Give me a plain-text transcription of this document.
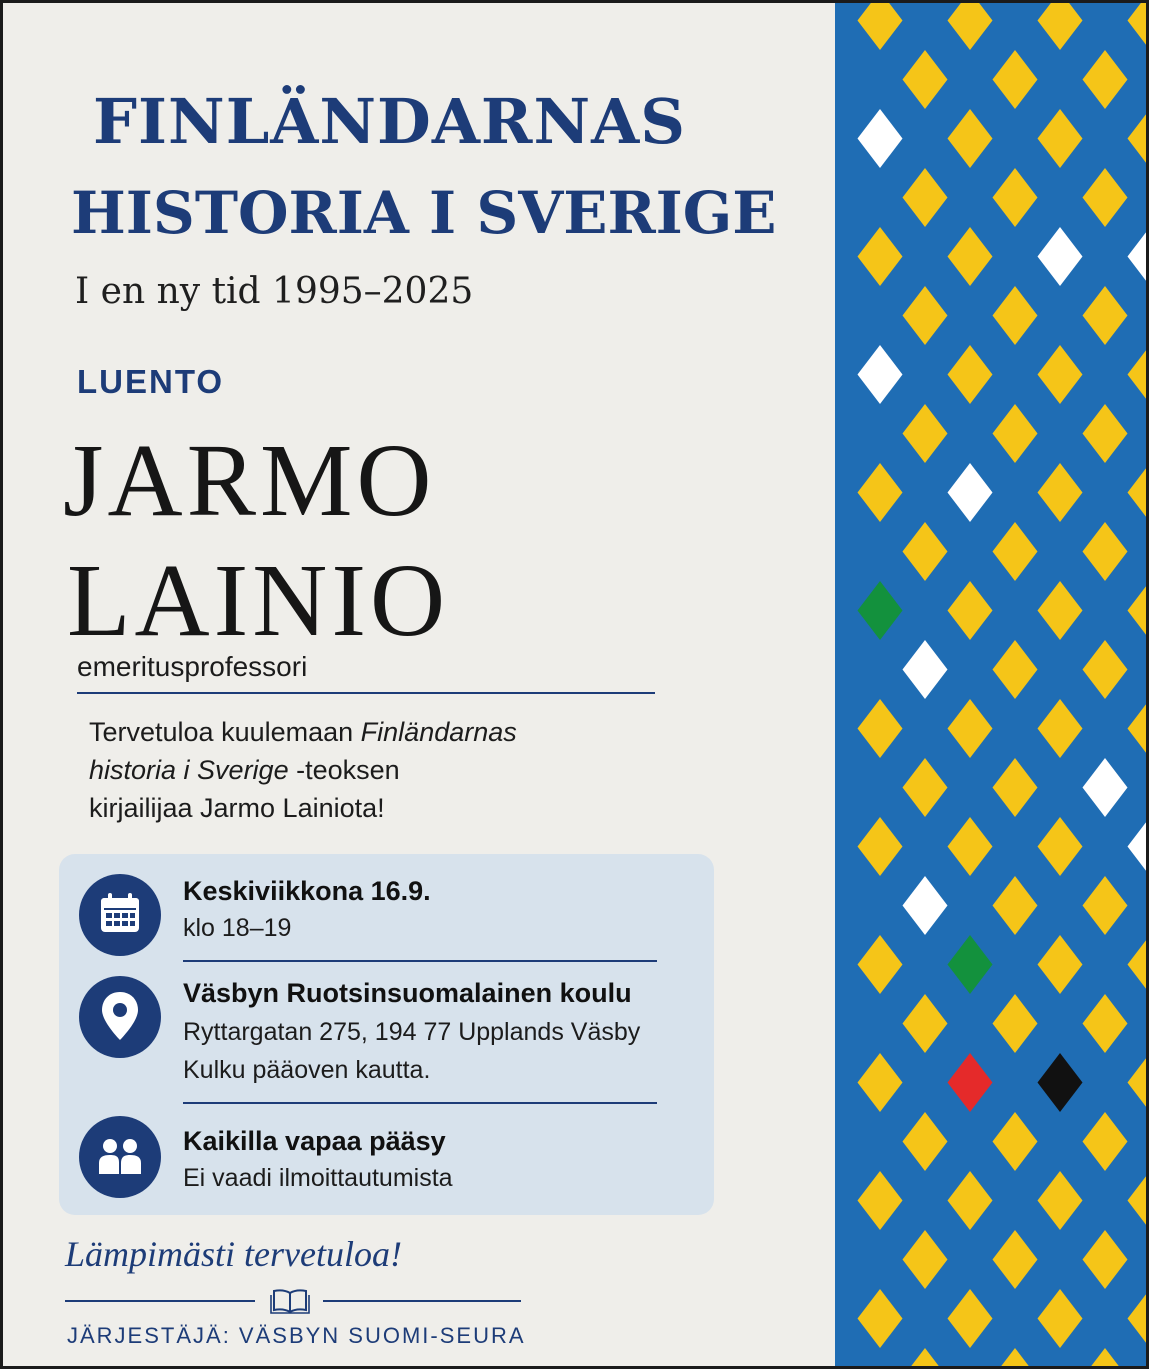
FINLÄNDARNAS
HISTORIA I SVERIGE
I en ny tid 1995–2025
LUENTO
JARMO
LAINIO
emeritusprofessori
Tervetuloa kuulemaan Finländarnas
historia i Sverige -teoksen
kirjailijaa Jarmo Lainiota!
Keskiviikkona 16.9.
klo 18–19
Väsbyn Ruotsinsuomalainen koulu
Ryttargatan 275, 194 77 Upplands Väsby
Kulku pääoven kautta.
Kaikilla vapaa pääsy
Ei vaadi ilmoittautumista
Lämpimästi tervetuloa!
JÄRJESTÄJÄ: VÄSBYN SUOMI-SEURA
